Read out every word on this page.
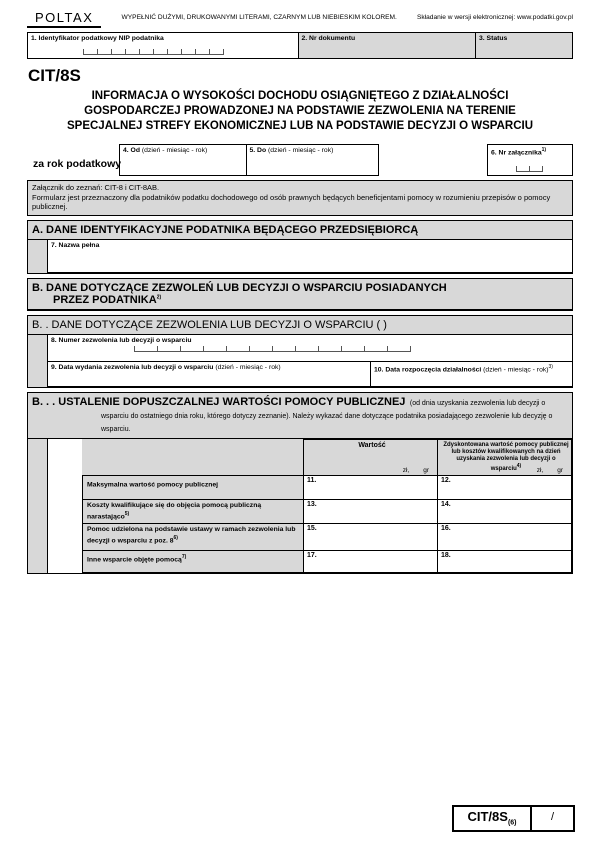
POLTAX	WYPEŁNIĆ DUŻYMI, DRUKOWANYMI LITERAMI, CZARNYM LUB NIEBIESKIM KOLOREM.	Składanie w wersji elektronicznej: www.podatki.gov.pl
1. Identyfikator podatkowy NIP podatnika	2. Nr dokumentu	3. Status
CIT/8S
INFORMACJA O WYSOKOŚCI DOCHODU OSIĄGNIĘTEGO Z DZIAŁALNOŚCI
GOSPODARCZEJ PROWADZONEJ NA PODSTAWIE ZEZWOLENIA NA TERENIE
SPECJALNEJ STREFY EKONOMICZNEJ LUB NA PODSTAWIE DECYZJI O WSPARCIU
za rok podatkowy
4. Od (dzień - miesiąc - rok)	5. Do (dzień - miesiąc - rok)	6. Nr załącznika$^{1)}$
Załącznik do zeznań: CIT-8 i CIT-8AB.
Formularz jest przeznaczony dla podatników podatku dochodowego od osób prawnych będących beneficjentami pomocy w rozumieniu przepisów o pomocy publicznej.
A. DANE IDENTYFIKACYJNE PODATNIKA BĘDĄCEGO PRZEDSIĘBIORCĄ
7. Nazwa pełna
B. DANE DOTYCZĄCE ZEZWOLEŃ LUB DECYZJI O WSPARCIU POSIADANYCH
PRZEZ PODATNIKA$^{2)}$
B. . DANE DOTYCZĄCE ZEZWOLENIA LUB DECYZJI O WSPARCIU ( )
8. Numer zezwolenia lub decyzji o wsparciu
9. Data wydania zezwolenia lub decyzji o wsparciu (dzień - miesiąc - rok)	10. Data rozpoczęcia działalności (dzień - miesiąc - rok)$^{3)}$
B. . . USTALENIE DOPUSZCZALNEJ WARTOŚCI POMOCY PUBLICZNEJ (od dnia uzyskania zezwolenia lub decyzji o wsparciu do ostatniego dnia roku, którego dotyczy zeznanie). Należy wykazać dane dotyczące podatnika posiadającego zezwolenie lub decyzję o wsparciu.
Wartość
zł, gr
Zdyskontowana wartość pomocy publicznej lub kosztów kwalifikowanych na dzień uzyskania zezwolenia lub decyzji o wsparciu$^{4)}$
zł, gr
Maksymalna wartość pomocy publicznej
11.	12.
Koszty kwalifikujące się do objęcia pomocą publiczną narastająco$^{5)}$
13.	14.
Pomoc udzielona na podstawie ustawy w ramach zezwolenia lub decyzji o wsparciu z poz. 8$^{6)}$
15.	16.
Inne wsparcie objęte pomocą$^{7)}$	17.	18.
CIT/$8S_{(6)}$
/
